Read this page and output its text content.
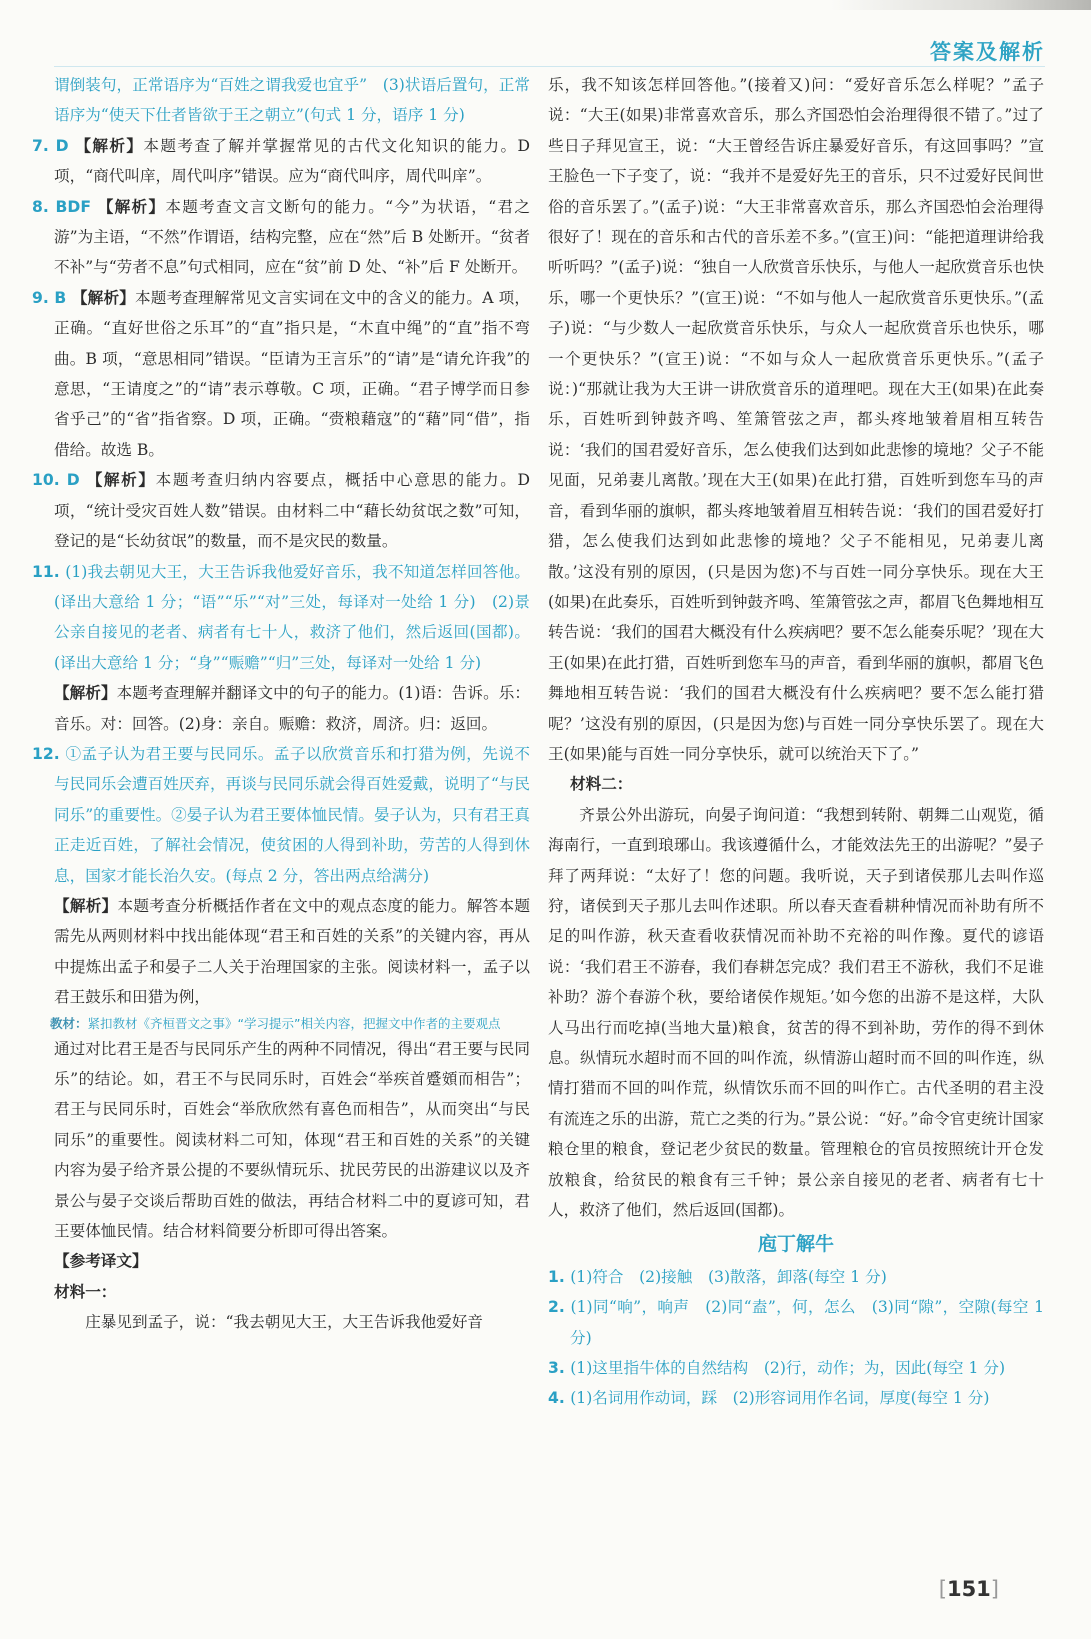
答案及解析

谓倒装句，正常语序为“百姓之谓我爱也宜乎”　(3)状语后置句，正常语序为“使天下仕者皆欲于王之朝立”(句式 1 分，语序 1 分)

7. D 【解析】本题考查了解并掌握常见的古代文化知识的能力。D项，“商代叫庠，周代叫序”错误。应为“商代叫序，周代叫庠”。

8. BDF 【解析】本题考查文言文断句的能力。“今”为状语，“君之游”为主语，“不然”作谓语，结构完整，应在“然”后 B 处断开。“贫者不补”与“劳者不息”句式相同，应在“贫”前 D 处、“补”后 F 处断开。

9. B 【解析】本题考查理解常见文言实词在文中的含义的能力。A 项，正确。“直好世俗之乐耳”的“直”指只是，“木直中绳”的“直”指不弯曲。B 项，“意思相同”错误。“臣请为王言乐”的“请”是“请允许我”的意思，“王请度之”的“请”表示尊敬。C 项，正确。“君子博学而日参省乎己”的“省”指省察。D 项，正确。“赍粮藉寇”的“藉”同“借”，指借给。故选 B。

10. D 【解析】本题考查归纳内容要点，概括中心意思的能力。D 项，“统计受灾百姓人数”错误。由材料二中“藉长幼贫氓之数”可知，登记的是“长幼贫氓”的数量，而不是灾民的数量。

11. (1)我去朝见大王，大王告诉我他爱好音乐，我不知道怎样回答他。(译出大意给 1 分；“语”“乐”“对”三处，每译对一处给 1 分)　(2)景公亲自接见的老者、病者有七十人，救济了他们，然后返回(国都)。(译出大意给 1 分；“身”“赈赡”“归”三处，每译对一处给 1 分)

【解析】本题考查理解并翻译文中的句子的能力。(1)语：告诉。乐：音乐。对：回答。(2)身：亲自。赈赡：救济，周济。归：返回。

12. ①孟子认为君王要与民同乐。孟子以欣赏音乐和打猎为例，先说不与民同乐会遭百姓厌弃，再谈与民同乐就会得百姓爱戴，说明了“与民同乐”的重要性。②晏子认为君王要体恤民情。晏子认为，只有君王真正走近百姓，了解社会情况，使贫困的人得到补助，劳苦的人得到休息，国家才能长治久安。(每点 2 分，答出两点给满分)

【解析】本题考查分析概括作者在文中的观点态度的能力。解答本题需先从两则材料中找出能体现“君王和百姓的关系”的关键内容，再从中提炼出孟子和晏子二人关于治理国家的主张。阅读材料一，孟子以君王鼓乐和田猎为例，

教材：紧扣教材《齐桓晋文之事》“学习提示”相关内容，把握文中作者的主要观点

通过对比君王是否与民同乐产生的两种不同情况，得出“君王要与民同乐”的结论。如，君王不与民同乐时，百姓会“举疾首蹙頞而相告”；君王与民同乐时，百姓会“举欣欣然有喜色而相告”，从而突出“与民同乐”的重要性。阅读材料二可知，体现“君王和百姓的关系”的关键内容为晏子给齐景公提的不要纵情玩乐、扰民劳民的出游建议以及齐景公与晏子交谈后帮助百姓的做法，再结合材料二中的夏谚可知，君王要体恤民情。结合材料简要分析即可得出答案。

【参考译文】

材料一：

庄暴见到孟子，说：“我去朝见大王，大王告诉我他爱好音

乐，我不知该怎样回答他。”(接着又)问：“爱好音乐怎么样呢？”孟子说：“大王(如果)非常喜欢音乐，那么齐国恐怕会治理得很不错了。”过了些日子拜见宣王，说：“大王曾经告诉庄暴爱好音乐，有这回事吗？”宣王脸色一下子变了，说：“我并不是爱好先王的音乐，只不过爱好民间世俗的音乐罢了。”(孟子)说：“大王非常喜欢音乐，那么齐国恐怕会治理得很好了！现在的音乐和古代的音乐差不多。”(宣王)问：“能把道理讲给我听听吗？”(孟子)说：“独自一人欣赏音乐快乐，与他人一起欣赏音乐也快乐，哪一个更快乐？”(宣王)说：“不如与他人一起欣赏音乐更快乐。”(孟子)说：“与少数人一起欣赏音乐快乐，与众人一起欣赏音乐也快乐，哪一个更快乐？”(宣王)说：“不如与众人一起欣赏音乐更快乐。”(孟子说：)“那就让我为大王讲一讲欣赏音乐的道理吧。现在大王(如果)在此奏乐，百姓听到钟鼓齐鸣、笙箫管弦之声，都头疼地皱着眉相互转告说：‘我们的国君爱好音乐，怎么使我们达到如此悲惨的境地？父子不能见面，兄弟妻儿离散。’现在大王(如果)在此打猎，百姓听到您车马的声音，看到华丽的旗帜，都头疼地皱着眉互相转告说：‘我们的国君爱好打猎，怎么使我们达到如此悲惨的境地？父子不能相见，兄弟妻儿离散。’这没有别的原因，(只是因为您)不与百姓一同分享快乐。现在大王(如果)在此奏乐，百姓听到钟鼓齐鸣、笙箫管弦之声，都眉飞色舞地相互转告说：‘我们的国君大概没有什么疾病吧？要不怎么能奏乐呢？’现在大王(如果)在此打猎，百姓听到您车马的声音，看到华丽的旗帜，都眉飞色舞地相互转告说：‘我们的国君大概没有什么疾病吧？要不怎么能打猎呢？’这没有别的原因，(只是因为您)与百姓一同分享快乐罢了。现在大王(如果)能与百姓一同分享快乐，就可以统治天下了。”

材料二：

齐景公外出游玩，向晏子询问道：“我想到转附、朝舞二山观览，循海南行，一直到琅琊山。我该遵循什么，才能效法先王的出游呢？”晏子拜了两拜说：“太好了！您的问题。我听说，天子到诸侯那儿去叫作巡狩，诸侯到天子那儿去叫作述职。所以春天查看耕种情况而补助有所不足的叫作游，秋天查看收获情况而补助不充裕的叫作豫。夏代的谚语说：‘我们君王不游春，我们春耕怎完成？我们君王不游秋，我们不足谁补助？游个春游个秋，要给诸侯作规矩。’如今您的出游不是这样，大队人马出行而吃掉(当地大量)粮食，贫苦的得不到补助，劳作的得不到休息。纵情玩水超时而不回的叫作流，纵情游山超时而不回的叫作连，纵情打猎而不回的叫作荒，纵情饮乐而不回的叫作亡。古代圣明的君主没有流连之乐的出游，荒亡之类的行为。”景公说：“好。”命令官吏统计国家粮仓里的粮食，登记老少贫民的数量。管理粮仓的官员按照统计开仓发放粮食，给贫民的粮食有三千钟；景公亲自接见的老者、病者有七十人，救济了他们，然后返回(国都)。

庖丁解牛

1. (1)符合　(2)接触　(3)散落，卸落(每空 1 分)

2. (1)同“响”，响声　(2)同“盍”，何，怎么　(3)同“隙”，空隙(每空 1 分)

3. (1)这里指牛体的自然结构　(2)行，动作；为，因此(每空 1 分)

4. (1)名词用作动词，踩　(2)形容词用作名词，厚度(每空 1 分)

[151]
